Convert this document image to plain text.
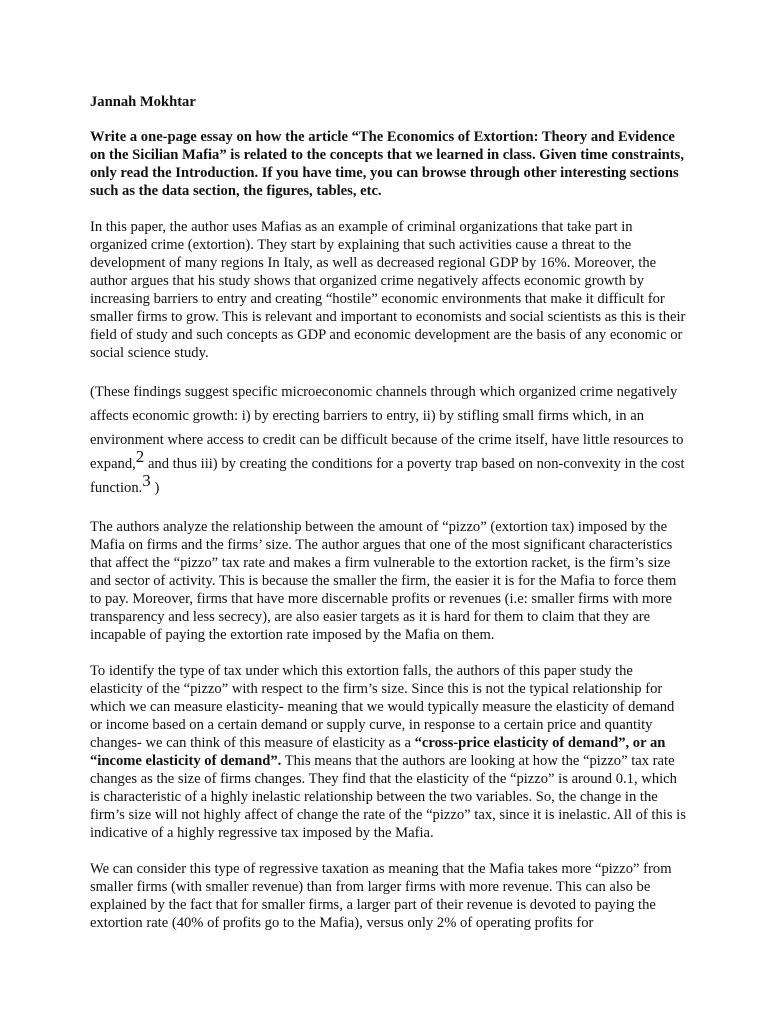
Jannah Mokhtar
Write a one-page essay on how the article “The Economics of Extortion: Theory and Evidence on the Sicilian Mafia” is related to the concepts that we learned in class. Given time constraints, only read the Introduction. If you have time, you can browse through other interesting sections such as the data section, the figures, tables, etc.

In this paper, the author uses Mafias as an example of criminal organizations that take part in organized crime (extortion). They start by explaining that such activities cause a threat to the development of many regions In Italy, as well as decreased regional GDP by 16%. Moreover, the author argues that his study shows that organized crime negatively affects economic growth by increasing barriers to entry and creating “hostile” economic environments that make it difficult for smaller firms to grow. This is relevant and important to economists and social scientists as this is their field of study and such concepts as GDP and economic development are the basis of any economic or social science study.

(These findings suggest specific microeconomic channels through which organized crime negatively affects economic growth: i) by erecting barriers to entry, ii) by stifling small firms which, in an environment where access to credit can be difficult because of the crime itself, have little resources to expand,2 and thus iii) by creating the conditions for a poverty trap based on non-convexity in the cost function.3 )

The authors analyze the relationship between the amount of “pizzo” (extortion tax) imposed by the Mafia on firms and the firms’ size. The author argues that one of the most significant characteristics that affect the “pizzo” tax rate and makes a firm vulnerable to the extortion racket, is the firm’s size and sector of activity. This is because the smaller the firm, the easier it is for the Mafia to force them to pay. Moreover, firms that have more discernable profits or revenues (i.e: smaller firms with more transparency and less secrecy), are also easier targets as it is hard for them to claim that they are incapable of paying the extortion rate imposed by the Mafia on them.

To identify the type of tax under which this extortion falls, the authors of this paper study the elasticity of the “pizzo” with respect to the firm’s size. Since this is not the typical relationship for which we can measure elasticity- meaning that we would typically measure the elasticity of demand or income based on a certain demand or supply curve, in response to a certain price and quantity changes- we can think of this measure of elasticity as a “cross-price elasticity of demand”, or an “income elasticity of demand”. This means that the authors are looking at how the “pizzo” tax rate changes as the size of firms changes. They find that the elasticity of the “pizzo” is around 0.1, which is characteristic of a highly inelastic relationship between the two variables. So, the change in the firm’s size will not highly affect of change the rate of the “pizzo” tax, since it is inelastic. All of this is indicative of a highly regressive tax imposed by the Mafia.

We can consider this type of regressive taxation as meaning that the Mafia takes more “pizzo” from smaller firms (with smaller revenue) than from larger firms with more revenue. This can also be explained by the fact that for smaller firms, a larger part of their revenue is devoted to paying the extortion rate (40% of profits go to the Mafia), versus only 2% of operating profits for
